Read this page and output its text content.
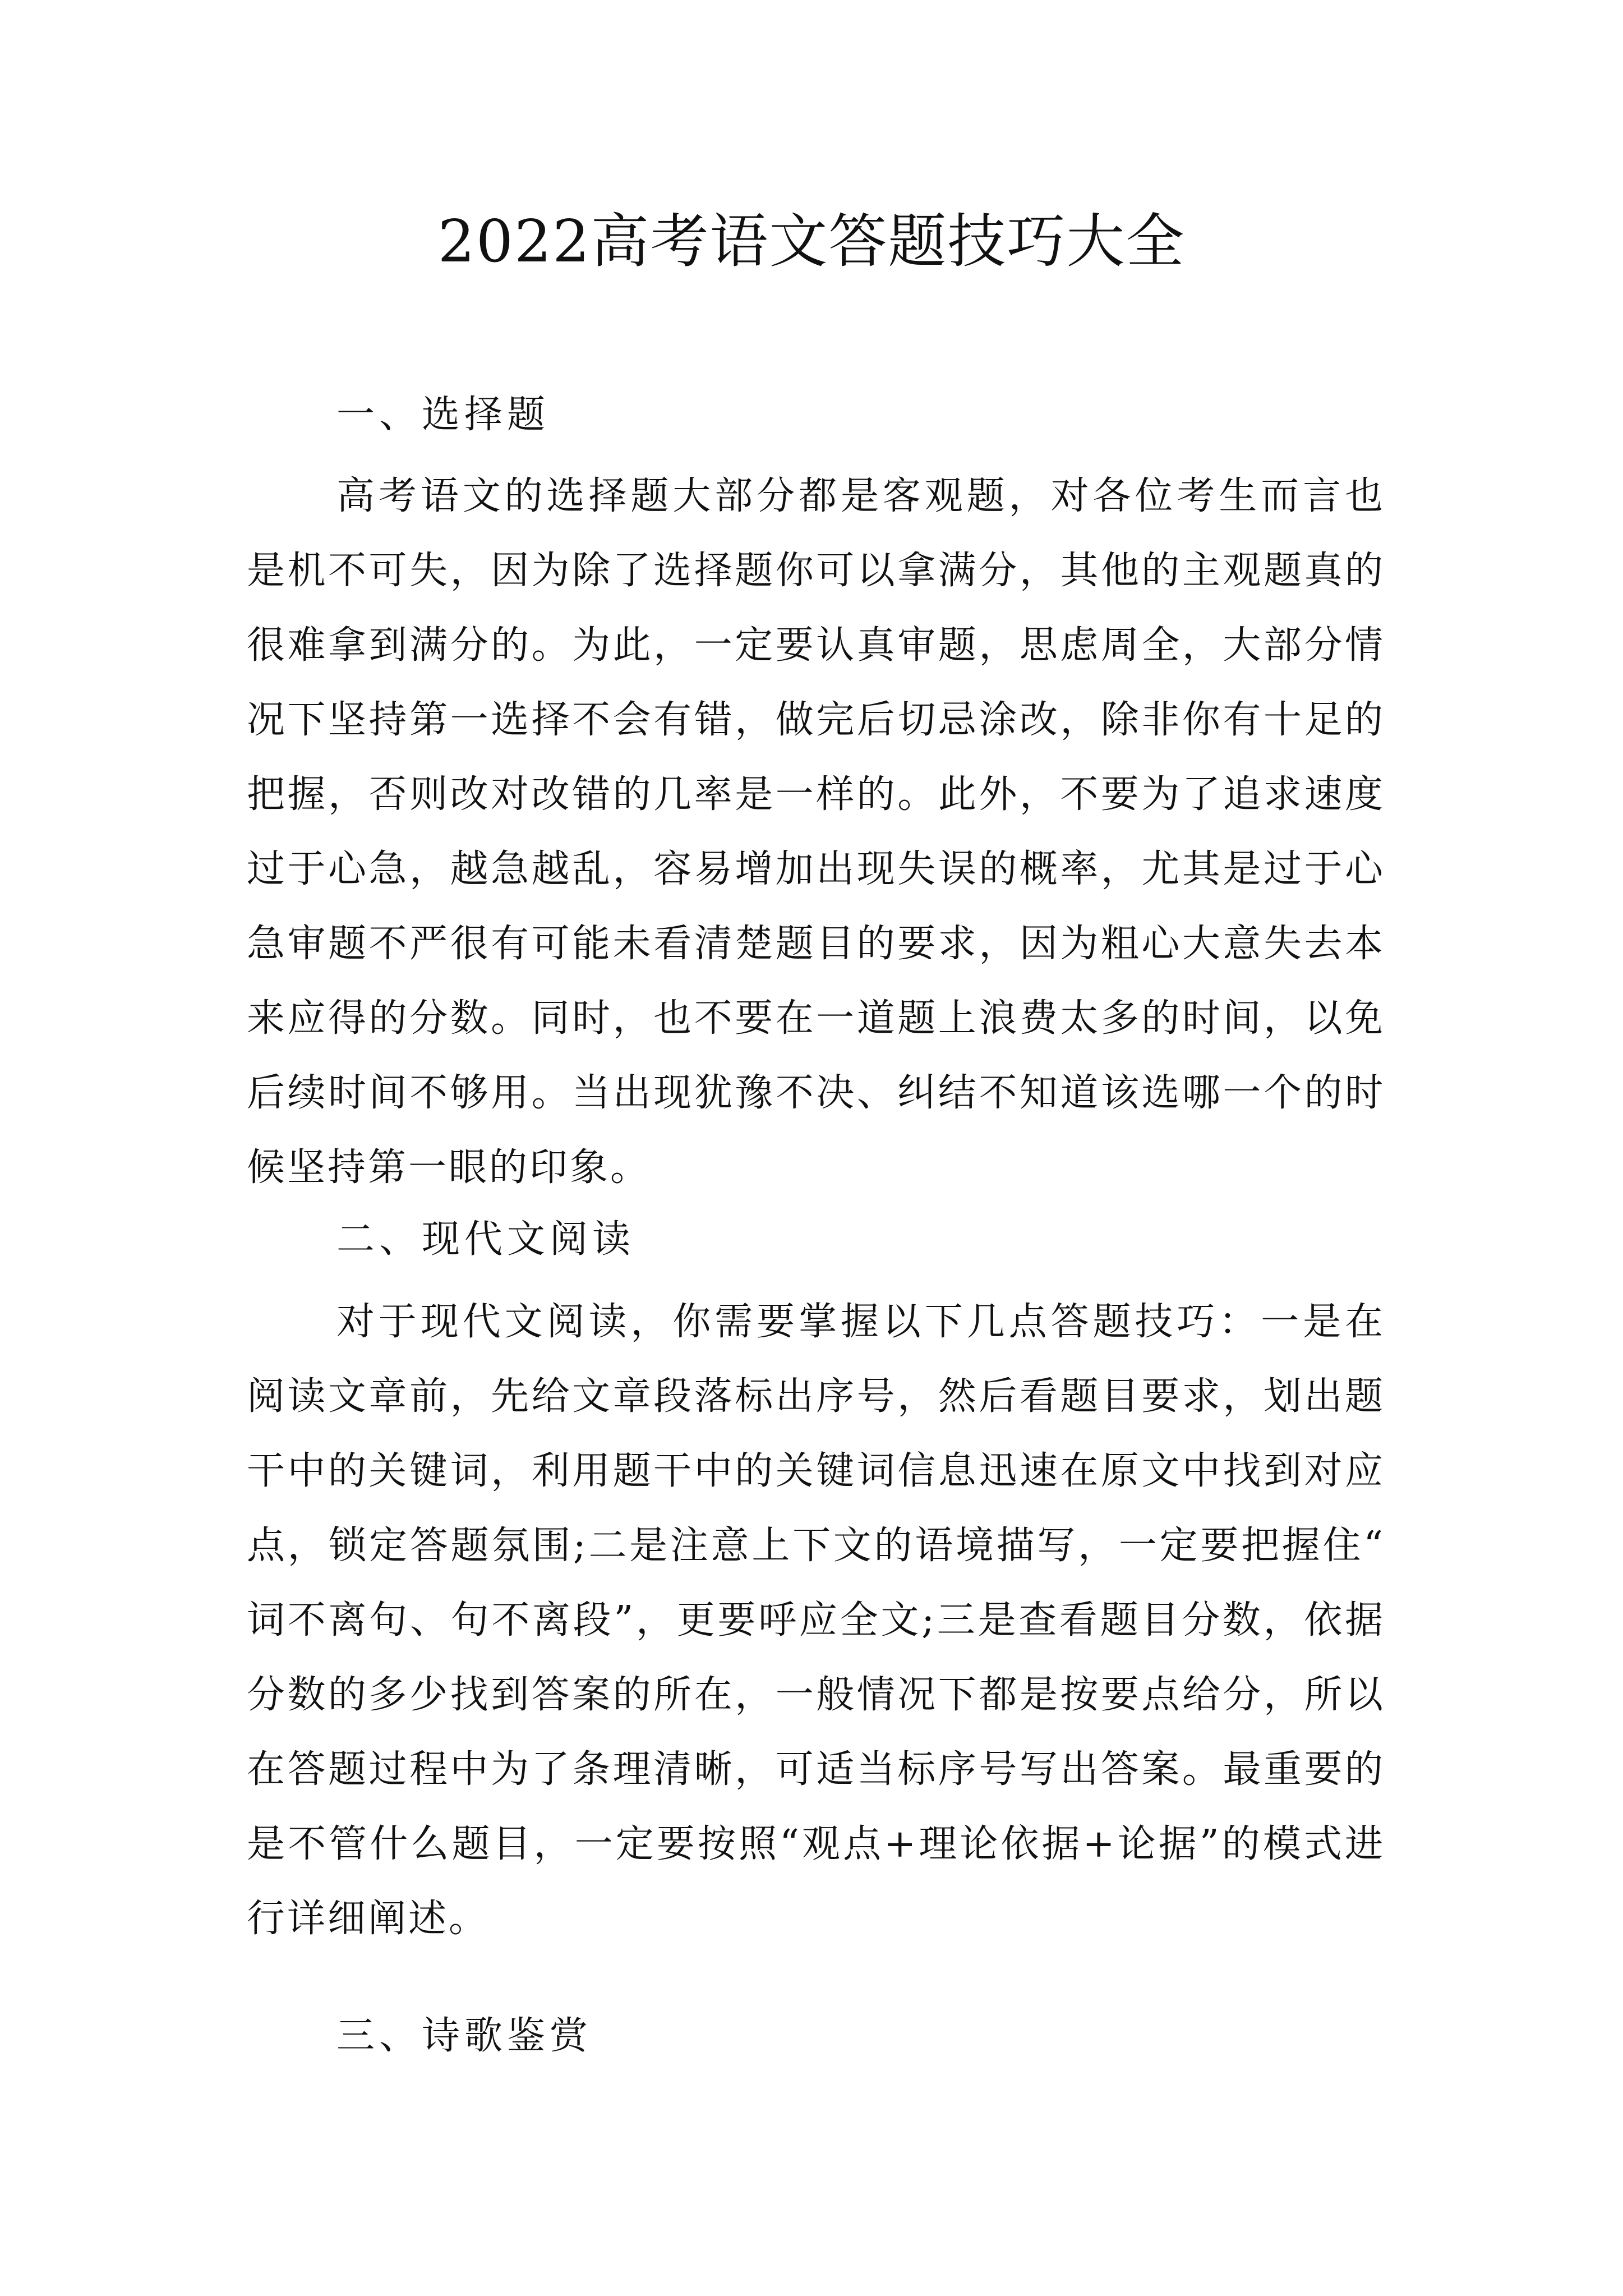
2022高考语文答题技巧大全
一、选择题

高考语文的选择题大部分都是客观题，对各位考生而言也是机不可失，因为除了选择题你可以拿满分，其他的主观题真的很难拿到满分的。为此，一定要认真审题，思虑周全，大部分情况下坚持第一选择不会有错，做完后切忌涂改，除非你有十足的把握，否则改对改错的几率是一样的。此外，不要为了追求速度过于心急，越急越乱，容易增加出现失误的概率，尤其是过于心急审题不严很有可能未看清楚题目的要求，因为粗心大意失去本来应得的分数。同时，也不要在一道题上浪费太多的时间，以免后续时间不够用。当出现犹豫不决、纠结不知道该选哪一个的时候坚持第一眼的印象。

二、现代文阅读

对于现代文阅读，你需要掌握以下几点答题技巧：一是在阅读文章前，先给文章段落标出序号，然后看题目要求，划出题干中的关键词，利用题干中的关键词信息迅速在原文中找到对应点，锁定答题氛围;二是注意上下文的语境描写，一定要把握住“词不离句、句不离段”，更要呼应全文;三是查看题目分数，依据分数的多少找到答案的所在，一般情况下都是按要点给分，所以在答题过程中为了条理清晰，可适当标序号写出答案。最重要的是不管什么题目，一定要按照“观点+理论依据+论据”的模式进行详细阐述。

三、诗歌鉴赏
